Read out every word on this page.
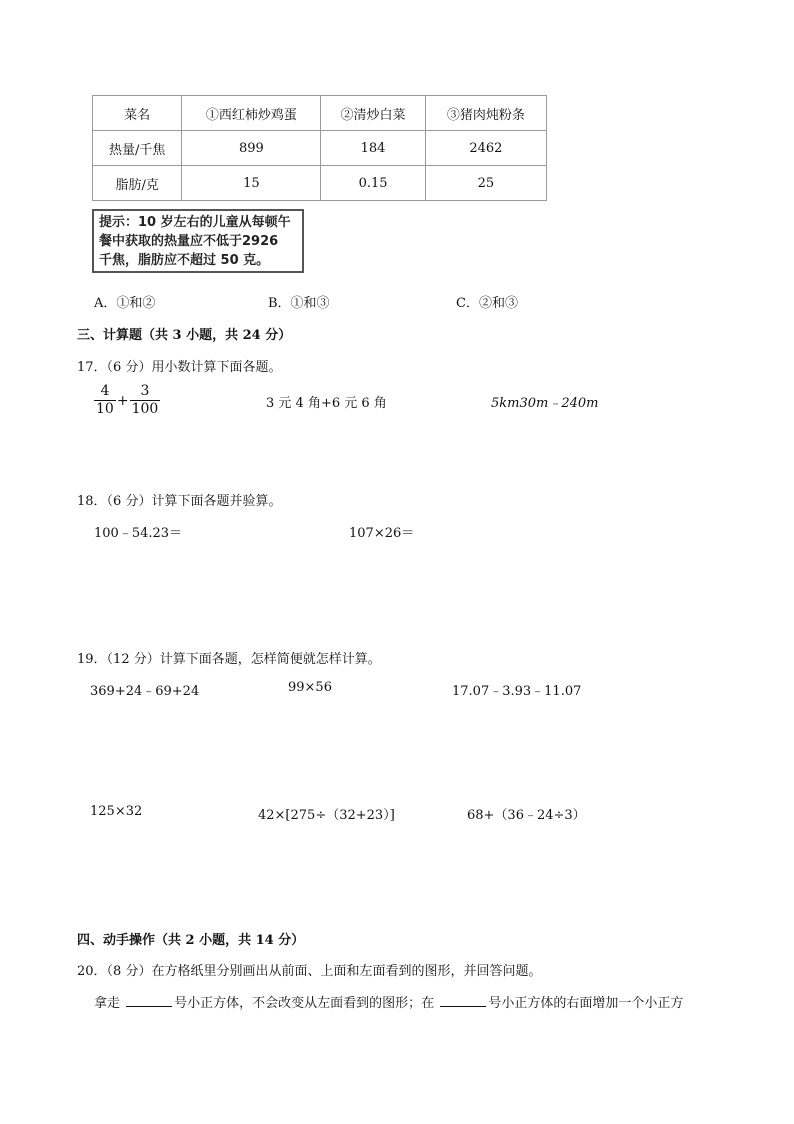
菜名	①西红柿炒鸡蛋	②清炒白菜	③猪肉炖粉条
热量/千焦	899	184	2462
脂肪/克	15	0.15	25
提示：10 岁左右的儿童从每顿午
餐中获取的热量应不低于2926
千焦，脂肪应不超过 50 克。
A．①和②	B．①和③	C．②和③
三、计算题（共 3 小题，共 24 分）
17．（6 分）用小数计算下面各题。
$\frac{4}{10} + \frac{3}{100}$	3 元 4 角+6 元 6 角	5km30m﹣240m
18．（6 分）计算下面各题并验算。
100﹣54.23＝	107×26＝
19．（12 分）计算下面各题，怎样简便就怎样计算。
369+24﹣69+24	99×56	17.07﹣3.93﹣11.07
125×32	42×[275÷（32+23）]	68+（36﹣24÷3）
四、动手操作（共 2 小题，共 14 分）
20．（8 分）在方格纸里分别画出从前面、上面和左面看到的图形，并回答问题。
拿走	号小正方体，不会改变从左面看到的图形；在	号小正方体的右面增加一个小正方
